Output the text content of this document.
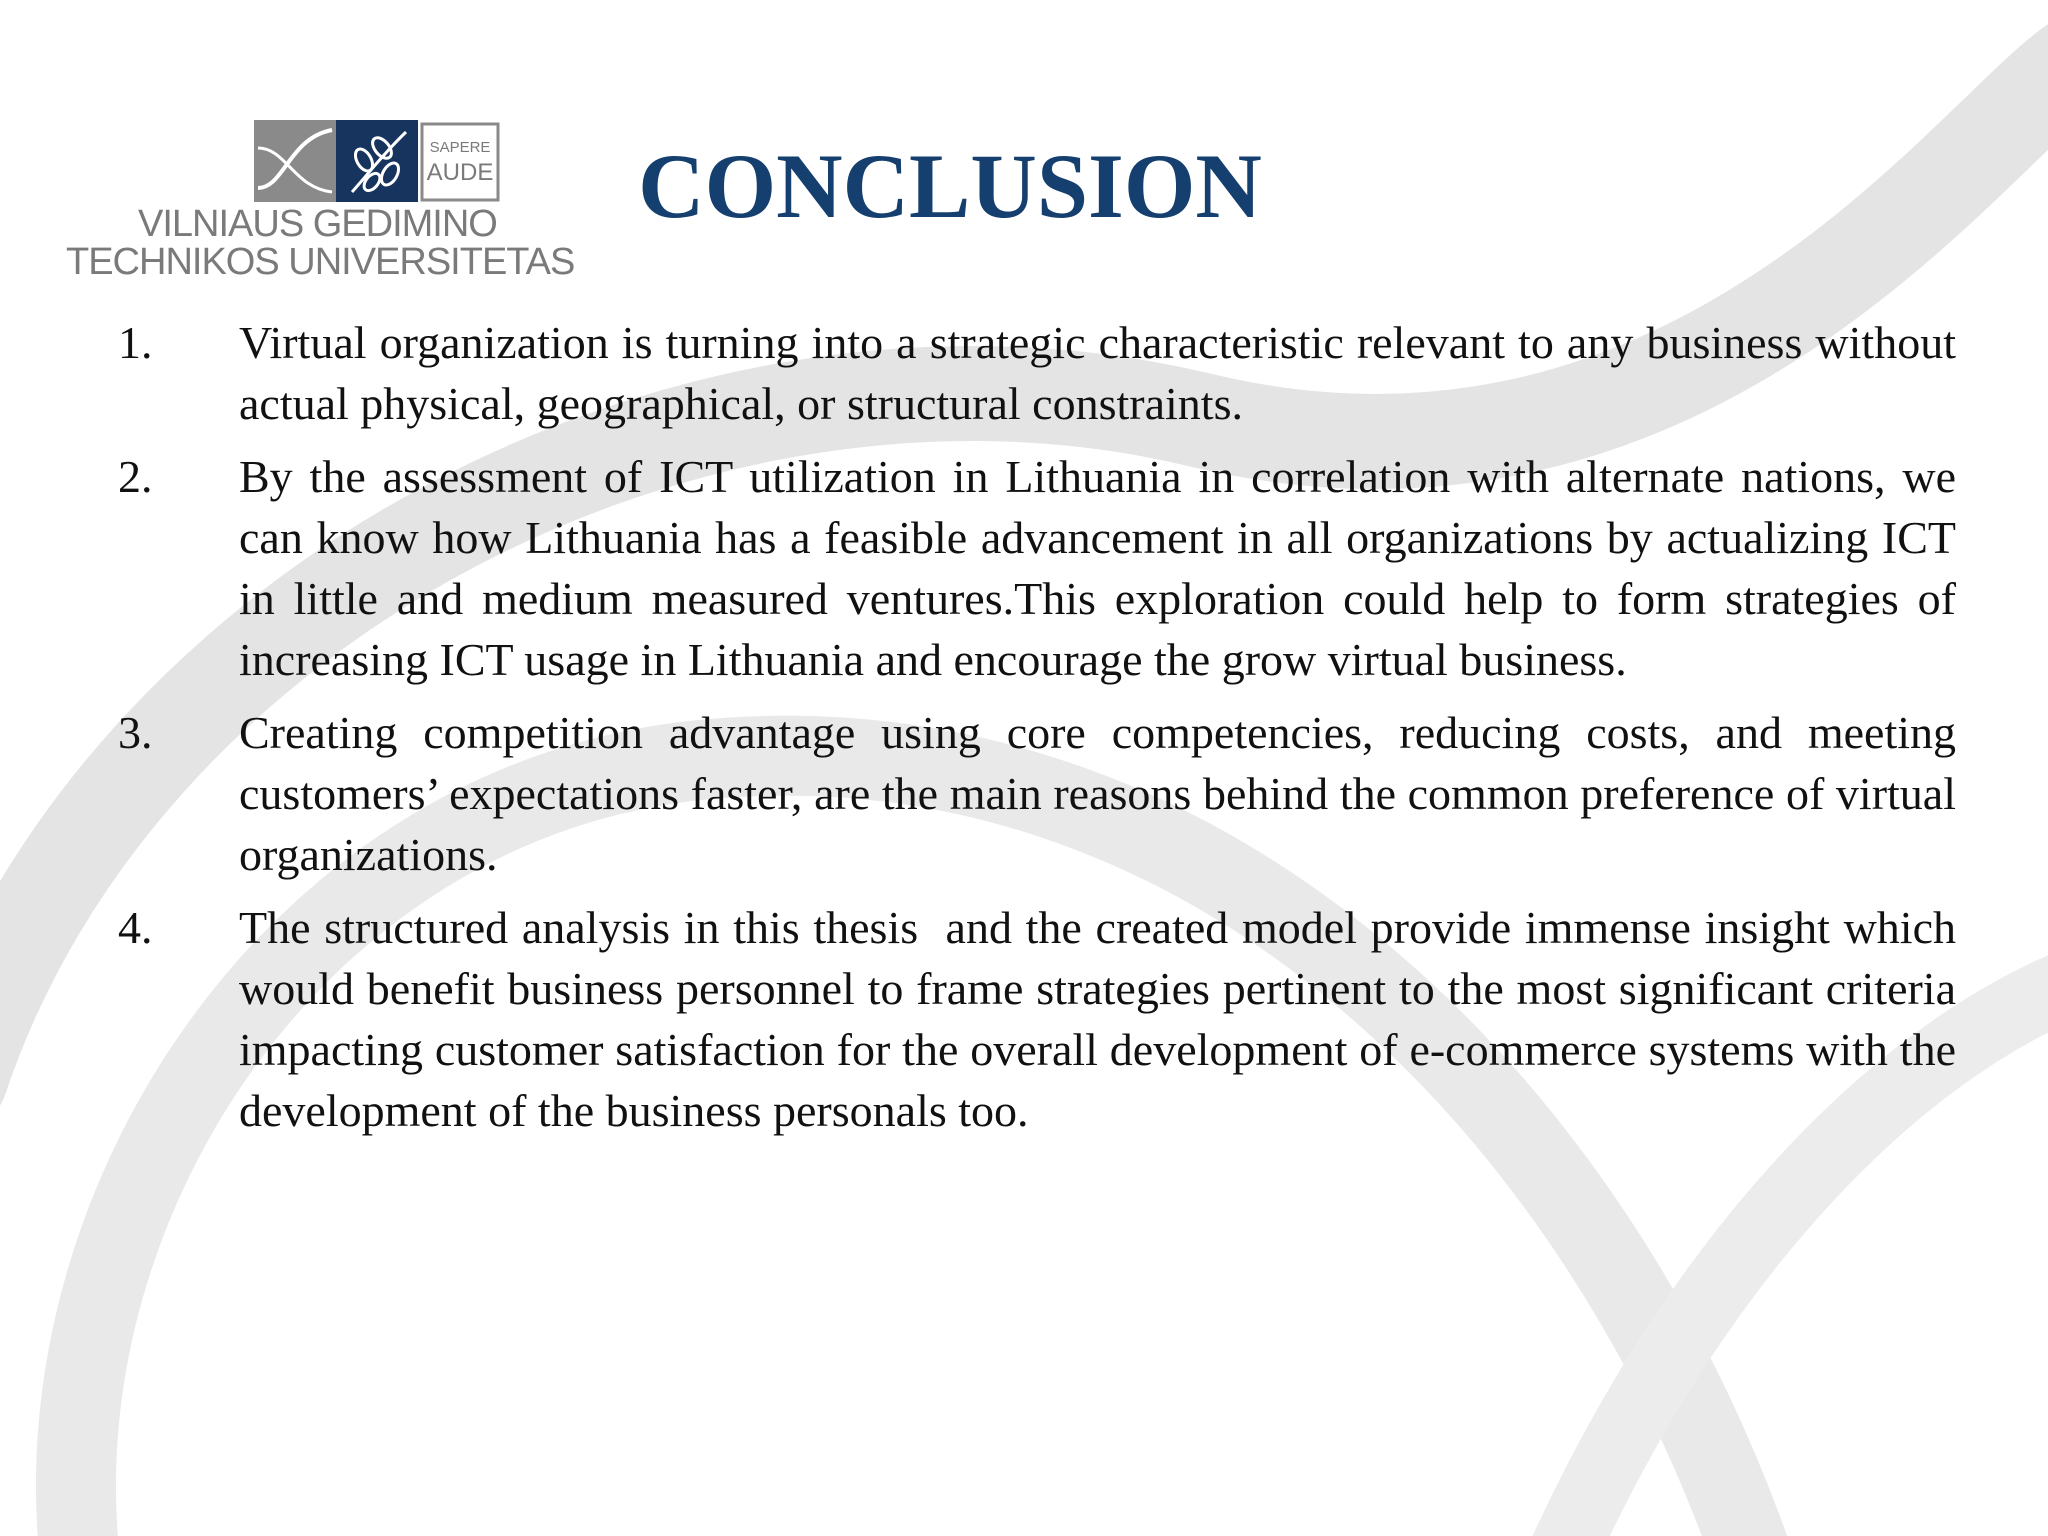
SAPERE
AUDE
VILNIAUS GEDIMINO
TECHNIKOS UNIVERSITETAS
CONCLUSION
1.	Virtual organization is turning into a strategic characteristic relevant to any business without actual physical, geographical, or structural constraints.
2.	By the assessment of ICT utilization in Lithuania in correlation with alternate nations, we can know how Lithuania has a feasible advancement in all organizations by actualizing ICT in little and medium measured ventures.This exploration could help to form strategies of increasing ICT usage in Lithuania and encourage the grow virtual business.
3.	Creating competition advantage using core competencies, reducing costs, and meeting customers’ expectations faster, are the main reasons behind the common preference of virtual organizations.
4.	The structured analysis in this thesis  and the created model provide immense insight which would benefit business personnel to frame strategies pertinent to the most significant criteria impacting customer satisfaction for the overall development of e-commerce systems with the development of the business personals too.
